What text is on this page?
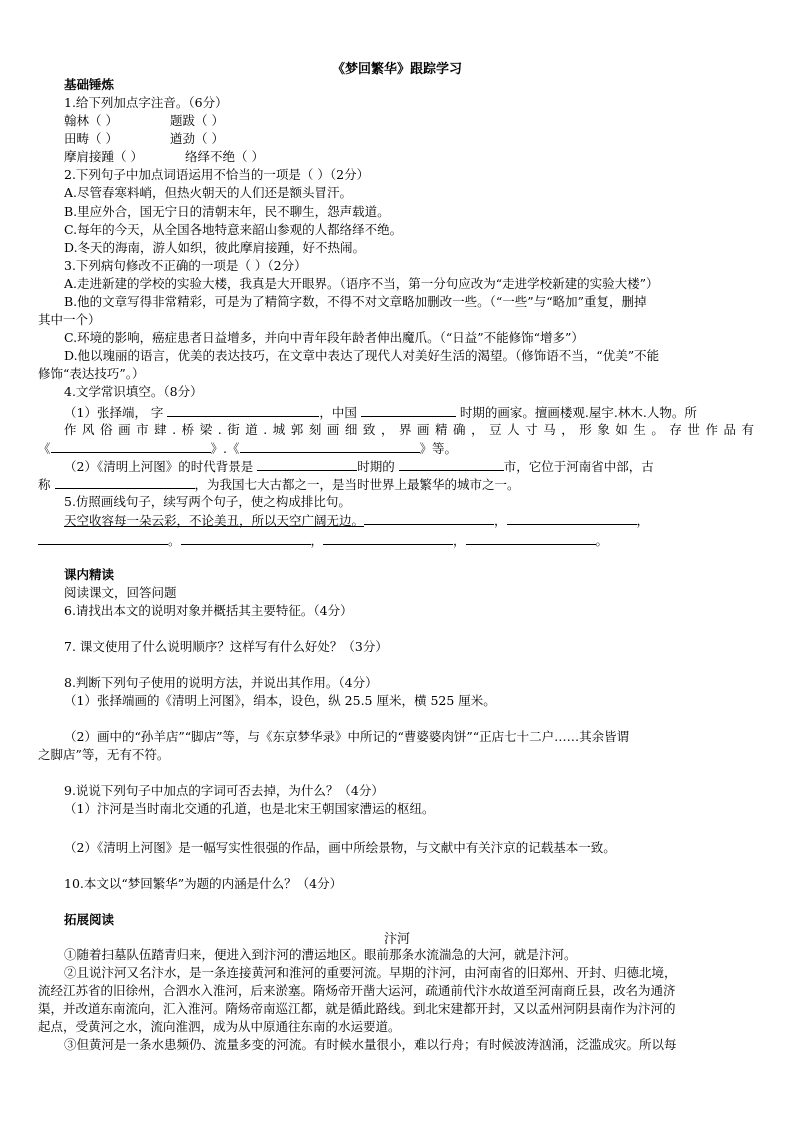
《梦回繁华》跟踪学习
基础锤炼
1.给下列加点字注音。（6分）
翰林（ ）	题跋（ ）
田畴（ ）	遒劲（ ）
摩肩接踵（ ）	络绎不绝（ ）
2.下列句子中加点词语运用不恰当的一项是（ ）（2分）
A.尽管春寒料峭，但热火朝天的人们还是额头冒汗。
B.里应外合，国无宁日的清朝末年，民不聊生，怨声载道。
C.每年的今天，从全国各地特意来韶山参观的人都络绎不绝。
D.冬天的海南，游人如织，彼此摩肩接踵，好不热闹。
3.下列病句修改不正确的一项是（ ）（2分）
A.走进新建的学校的实验大楼，我真是大开眼界。（语序不当，第一分句应改为“走进学校新建的实验大楼”）
B.他的文章写得非常精彩，可是为了精简字数，不得不对文章略加删改一些。（“一些”与“略加”重复，删掉
其中一个）
C.环境的影响，癌症患者日益增多，并向中青年段年龄者伸出魔爪。（“日益”不能修饰“增多”）
D.他以瑰丽的语言，优美的表达技巧，在文章中表达了现代人对美好生活的渴望。（修饰语不当，“优美”不能
修饰“表达技巧”。）
4.文学常识填空。（8分）
（1）张择端， 字	，中国	时期的画家。擅画楼观.屋宇.林木.人物。所
作风俗画市肆.桥梁.街道.城郭刻画细致，界画精确，豆人寸马，形象如生。存世作品有
《	》.《	》等。
（2）《清明上河图》的时代背景是	时期的	市，它位于河南省中部，古
称	，为我国七大古都之一，是当时世界上最繁华的城市之一。
5.仿照画线句子，续写两个句子，使之构成排比句。
天空收容每一朵云彩，不论美丑，所以天空广阔无边。	，	，
。	，	，	。
课内精读
阅读课文，回答问题
6.请找出本文的说明对象并概括其主要特征。（4分）
7. 课文使用了什么说明顺序？这样写有什么好处？（3分）
8.判断下列句子使用的说明方法，并说出其作用。（4分）
（1）张择端画的《清明上河图》，绢本，设色，纵 25.5 厘米，横 525 厘米。
（2）画中的“孙羊店”“脚店”等，与《东京梦华录》中所记的“曹婆婆肉饼”“正店七十二户……其余皆谓
之脚店”等，无有不符。
9.说说下列句子中加点的字词可否去掉，为什么？（4分）
（1）汴河是当时南北交通的孔道，也是北宋王朝国家漕运的枢纽。
（2）《清明上河图》是一幅写实性很强的作品，画中所绘景物，与文献中有关汴京的记载基本一致。
10.本文以“梦回繁华”为题的内涵是什么？（4分）
拓展阅读
汴河
①随着扫墓队伍踏青归来，便进入到汴河的漕运地区。眼前那条水流湍急的大河，就是汴河。
②且说汴河又名汴水，是一条连接黄河和淮河的重要河流。早期的汴河，由河南省的旧郑州、开封、归德北境，
流经江苏省的旧徐州，合泗水入淮河，后来淤塞。隋炀帝开凿大运河，疏通前代汴水故道至河南商丘县，改名为通济
渠，并改道东南流向，汇入淮河。隋炀帝南巡江都，就是循此路线。到北宋建都开封，又以孟州河阴县南作为汴河的
起点，受黄河之水，流向淮泗，成为从中原通往东南的水运要道。
③但黄河是一条水患频仍、流量多变的河流。有时候水量很小，难以行舟；有时候波涛汹涌，泛滥成灾。所以每
